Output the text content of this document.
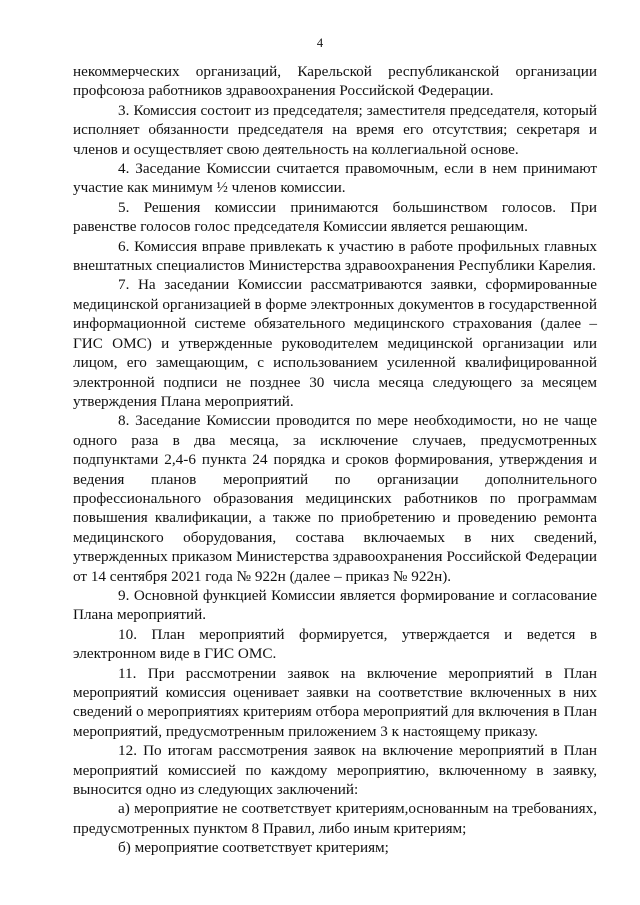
4

некоммерческих организаций, Карельской республиканской организации профсоюза работников здравоохранения Российской Федерации.

3. Комиссия состоит из председателя; заместителя председателя, который исполняет обязанности председателя на время его отсутствия; секретаря и членов и осуществляет свою деятельность на коллегиальной основе.

4. Заседание Комиссии считается правомочным, если в нем принимают участие как минимум ½ членов комиссии.

5. Решения комиссии принимаются большинством голосов. При равенстве голосов голос председателя Комиссии является решающим.

6. Комиссия вправе привлекать к участию в работе профильных главных внештатных специалистов Министерства здравоохранения Республики Карелия.

7. На заседании Комиссии рассматриваются заявки, сформированные медицинской организацией в форме электронных документов в государственной информационной системе обязательного медицинского страхования (далее – ГИС ОМС) и утвержденные руководителем медицинской организации или лицом, его замещающим, с использованием усиленной квалифицированной электронной подписи не позднее 30 числа месяца следующего за месяцем утверждения Плана мероприятий.

8. Заседание Комиссии проводится по мере необходимости, но не чаще одного раза в два месяца, за исключение случаев, предусмотренных подпунктами 2,4-6 пункта 24 порядка и сроков формирования, утверждения и ведения планов мероприятий по организации дополнительного профессионального образования медицинских работников по программам повышения квалификации, а также по приобретению и проведению ремонта медицинского оборудования, состава включаемых в них сведений, утвержденных приказом Министерства здравоохранения Российской Федерации от 14 сентября 2021 года № 922н (далее – приказ № 922н).

9. Основной функцией Комиссии является формирование и согласование Плана мероприятий.

10. План мероприятий формируется, утверждается и ведется в электронном виде в ГИС ОМС.

11. При рассмотрении заявок на включение мероприятий в План мероприятий комиссия оценивает заявки на соответствие включенных в них сведений о мероприятиях критериям отбора мероприятий для включения в План мероприятий, предусмотренным приложением 3 к настоящему приказу.

12. По итогам рассмотрения заявок на включение мероприятий в План мероприятий комиссией по каждому мероприятию, включенному в заявку, выносится одно из следующих заключений:

а) мероприятие не соответствует критериям,основанным на требованиях, предусмотренных пунктом 8 Правил, либо иным критериям;

б) мероприятие соответствует критериям;
